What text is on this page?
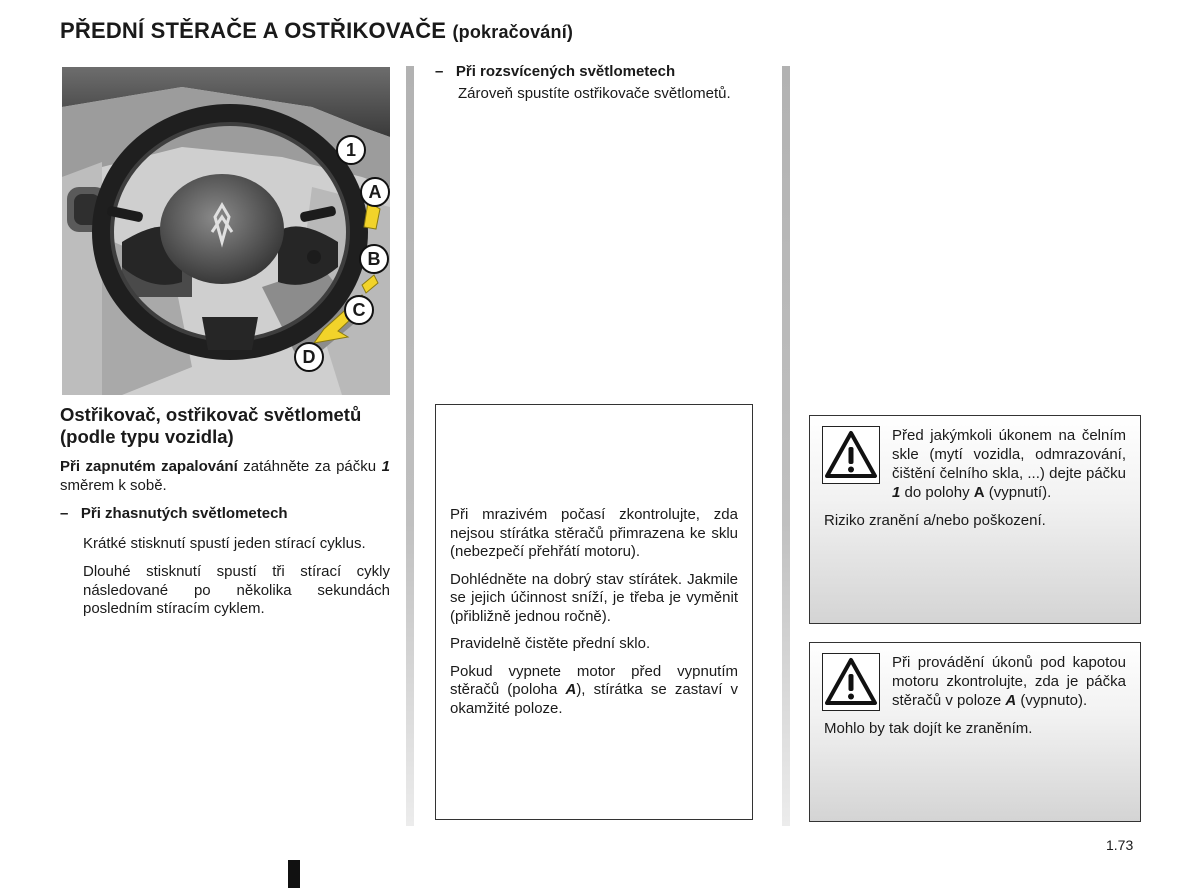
PŘEDNÍ STĚRAČE A OSTŘIKOVAČE (pokračování)
1
A
B
C
D
Ostřikovač, ostřikovač světlometů (podle typu vozidla)

Při zapnutém zapalování zatáhněte za páčku 1 směrem k sobě.

– Při zhasnutých světlometech

Krátké stisknutí spustí jeden stírací cyklus.

Dlouhé stisknutí spustí tři stírací cykly následované po několika sekundách posledním stíracím cyklem.

– Při rozsvícených světlometech

Zároveň spustíte ostřikovače světlometů.

Při mrazivém počasí zkontrolujte, zda nejsou stírátka stěračů přimrazena ke sklu (nebezpečí přehřátí motoru).

Dohlédněte na dobrý stav stírátek. Jakmile se jejich účinnost sníží, je třeba je vyměnit (přibližně jednou ročně).

Pravidelně čistěte přední sklo.

Pokud vypnete motor před vypnutím stěračů (poloha A), stírátka se zastaví v okamžité poloze.

Před jakýmkoli úkonem na čelním skle (mytí vozidla, odmrazování, čištění čelního skla, ...) dejte páčku 1 do polohy A (vypnutí).

Riziko zranění a/nebo poškození.

Při provádění úkonů pod kapotou motoru zkontrolujte, zda je páčka stěračů v poloze A (vypnuto).

Mohlo by tak dojít ke zraněním.

1.73
